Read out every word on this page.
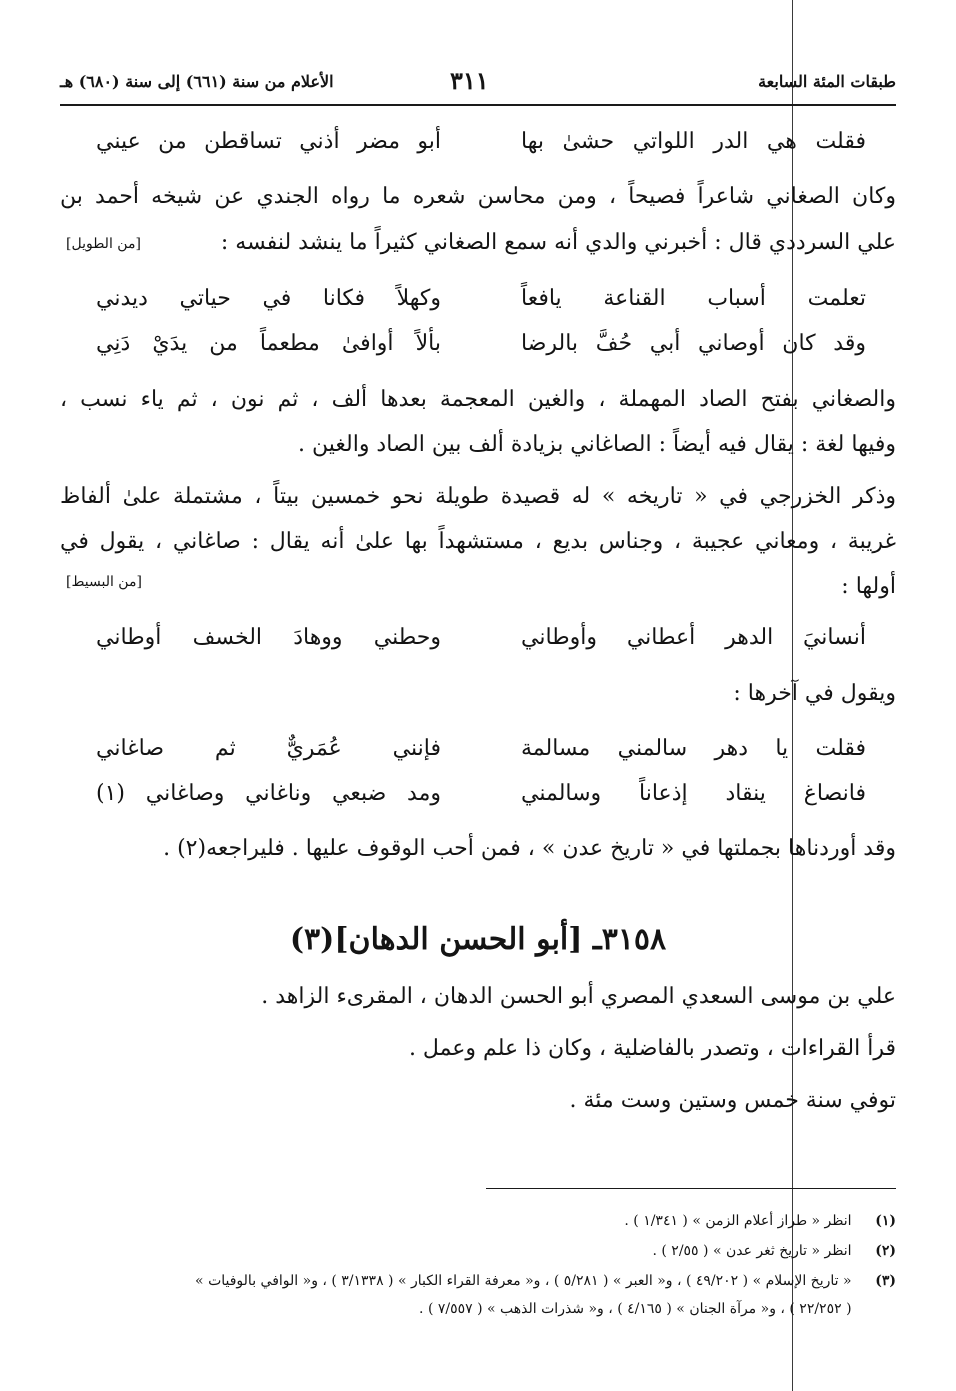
طبقات المئة السابعة
٣١١
الأعلام من سنة (٦٦١) إلى سنة (٦٨٠) هـ
فقلت هي الدر اللواتي حشىٰ بها
أبو مضر أذني تساقطن من عيني
وكان الصغاني شاعراً فصيحاً ، ومن محاسن شعره ما رواه الجندي عن شيخه أحمد بن
علي السرددي قال : أخبرني والدي أنه سمع الصغاني كثيراً ما ينشد لنفسه :
[من الطويل]
تعلمت أسباب القناعة يافعاً
وكهلاً فكانا في حياتي ديدني
وقد كان أوصاني أبي حُفَّ بالرضا
بألاً أوافىٰ مطعماً من يدَيْ دَنِي
والصغاني بفتح الصاد المهملة ، والغين المعجمة بعدها ألف ، ثم نون ، ثم ياء نسب ،
وفيها لغة : يقال فيه أيضاً : الصاغاني بزيادة ألف بين الصاد والغين .
وذكر الخزرجي في « تاريخه » له قصيدة طويلة نحو خمسين بيتاً ، مشتملة علىٰ ألفاظ
غريبة ، ومعاني عجيبة ، وجناس بديع ، مستشهداً بها علىٰ أنه يقال : صاغاني ، يقول في
أولها :
[من البسيط]
أنسانيَ الدهر أعطاني وأوطاني
وحطني ووهادَ الخسف أوطاني
ويقول في آخرها :
فقلت يا دهر سالمني مسالمة
فإنني عُمَريٌّ ثم صاغاني
فانصاغ ينقاد إذعاناً وسالمني
ومد ضبعي وناغاني وصاغاني (١)
وقد أوردناها بجملتها في « تاريخ عدن » ، فمن أحب الوقوف عليها . فليراجعه(٢) .
٣١٥٨ـ [أبو الحسن الدهان](٣)
علي بن موسى السعدي المصري أبو الحسن الدهان ، المقرىء الزاهد .
قرأ القراءات ، وتصدر بالفاضلية ، وكان ذا علم وعمل .
توفي سنة خمس وستين وست مئة .
(١) انظر « طراز أعلام الزمن » ( ١/٣٤١ ) .
(٢) انظر « تاريخ ثغر عدن » ( ٢/٥٥ ) .
(٣) « تاريخ الإسلام » ( ٤٩/٢٠٢ ) ، و« العبر » ( ٥/٢٨١ ) ، و« معرفة القراء الكبار » ( ٣/١٣٣٨ ) ، و« الوافي بالوفيات »
( ٢٢/٢٥٢ ) ، و« مرآة الجنان » ( ٤/١٦٥ ) ، و« شذرات الذهب » ( ٧/٥٥٧ ) .
